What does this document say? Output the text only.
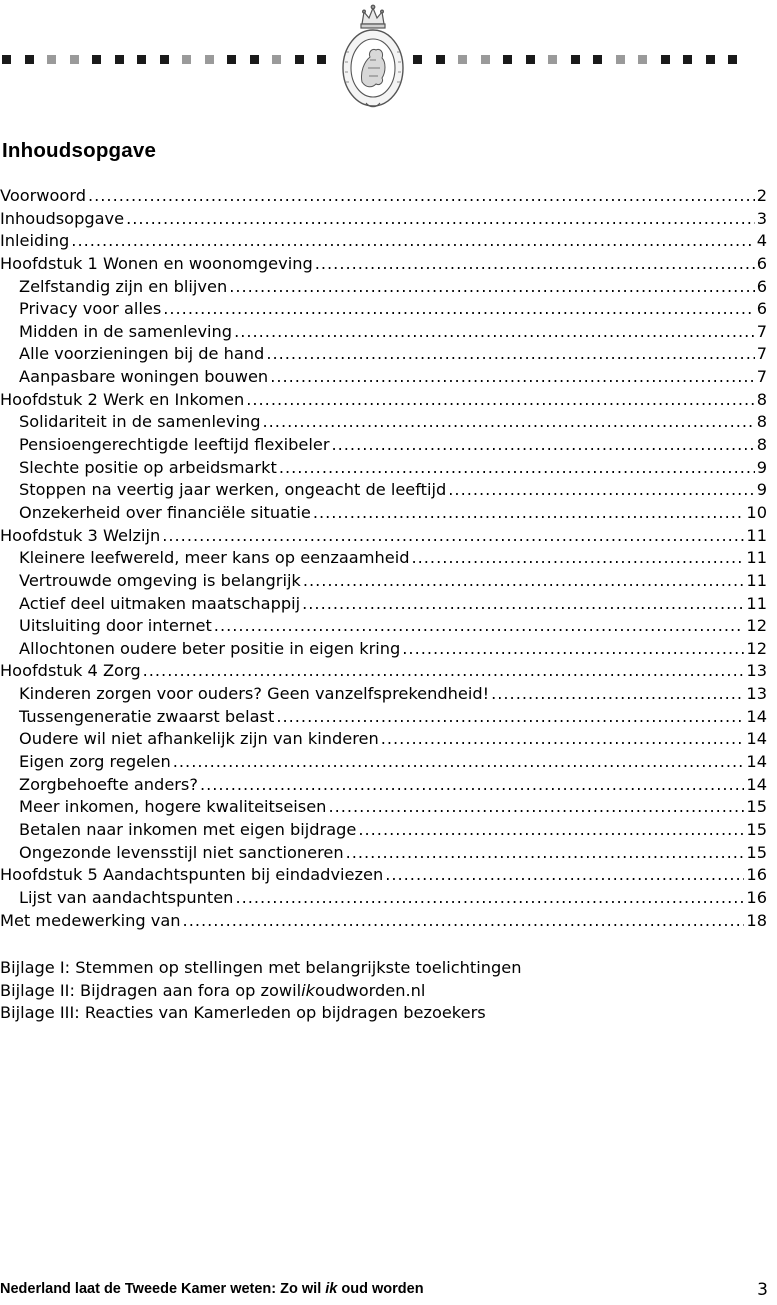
Inhoudsopgave
Voorwoord .....	2
Inhoudsopgave .....	3
Inleiding .....	4
Hoofdstuk 1 Wonen en woonomgeving .....	6
Zelfstandig zijn en blijven .....	6
Privacy voor alles .....	6
Midden in de samenleving .....	7
Alle voorzieningen bij de hand .....	7
Aanpasbare woningen bouwen .....	7
Hoofdstuk 2 Werk en Inkomen .....	8
Solidariteit in de samenleving .....	8
Pensioengerechtigde leeftijd flexibeler .....	8
Slechte positie op arbeidsmarkt .....	9
Stoppen na veertig jaar werken, ongeacht de leeftijd .....	9
Onzekerheid over financiële situatie .....	10
Hoofdstuk 3 Welzijn .....	11
Kleinere leefwereld, meer kans op eenzaamheid .....	11
Vertrouwde omgeving is belangrijk .....	11
Actief deel uitmaken maatschappij .....	11
Uitsluiting door internet .....	12
Allochtonen oudere beter positie in eigen kring .....	12
Hoofdstuk 4 Zorg .....	13
Kinderen zorgen voor ouders? Geen vanzelfsprekendheid! .....	13
Tussengeneratie zwaarst belast .....	14
Oudere wil niet afhankelijk zijn van kinderen .....	14
Eigen zorg regelen .....	14
Zorgbehoefte anders? .....	14
Meer inkomen, hogere kwaliteitseisen .....	15
Betalen naar inkomen met eigen bijdrage .....	15
Ongezonde levensstijl niet sanctioneren .....	15
Hoofdstuk 5 Aandachtspunten bij eindadviezen .....	16
Lijst van aandachtspunten .....	16
Met medewerking van .....	18
Bijlage I: Stemmen op stellingen met belangrijkste toelichtingen
Bijlage II: Bijdragen aan fora op zowilikoudworden.nl
Bijlage III: Reacties van Kamerleden op bijdragen bezoekers
Nederland laat de Tweede Kamer weten: Zo wil ik oud worden	3
